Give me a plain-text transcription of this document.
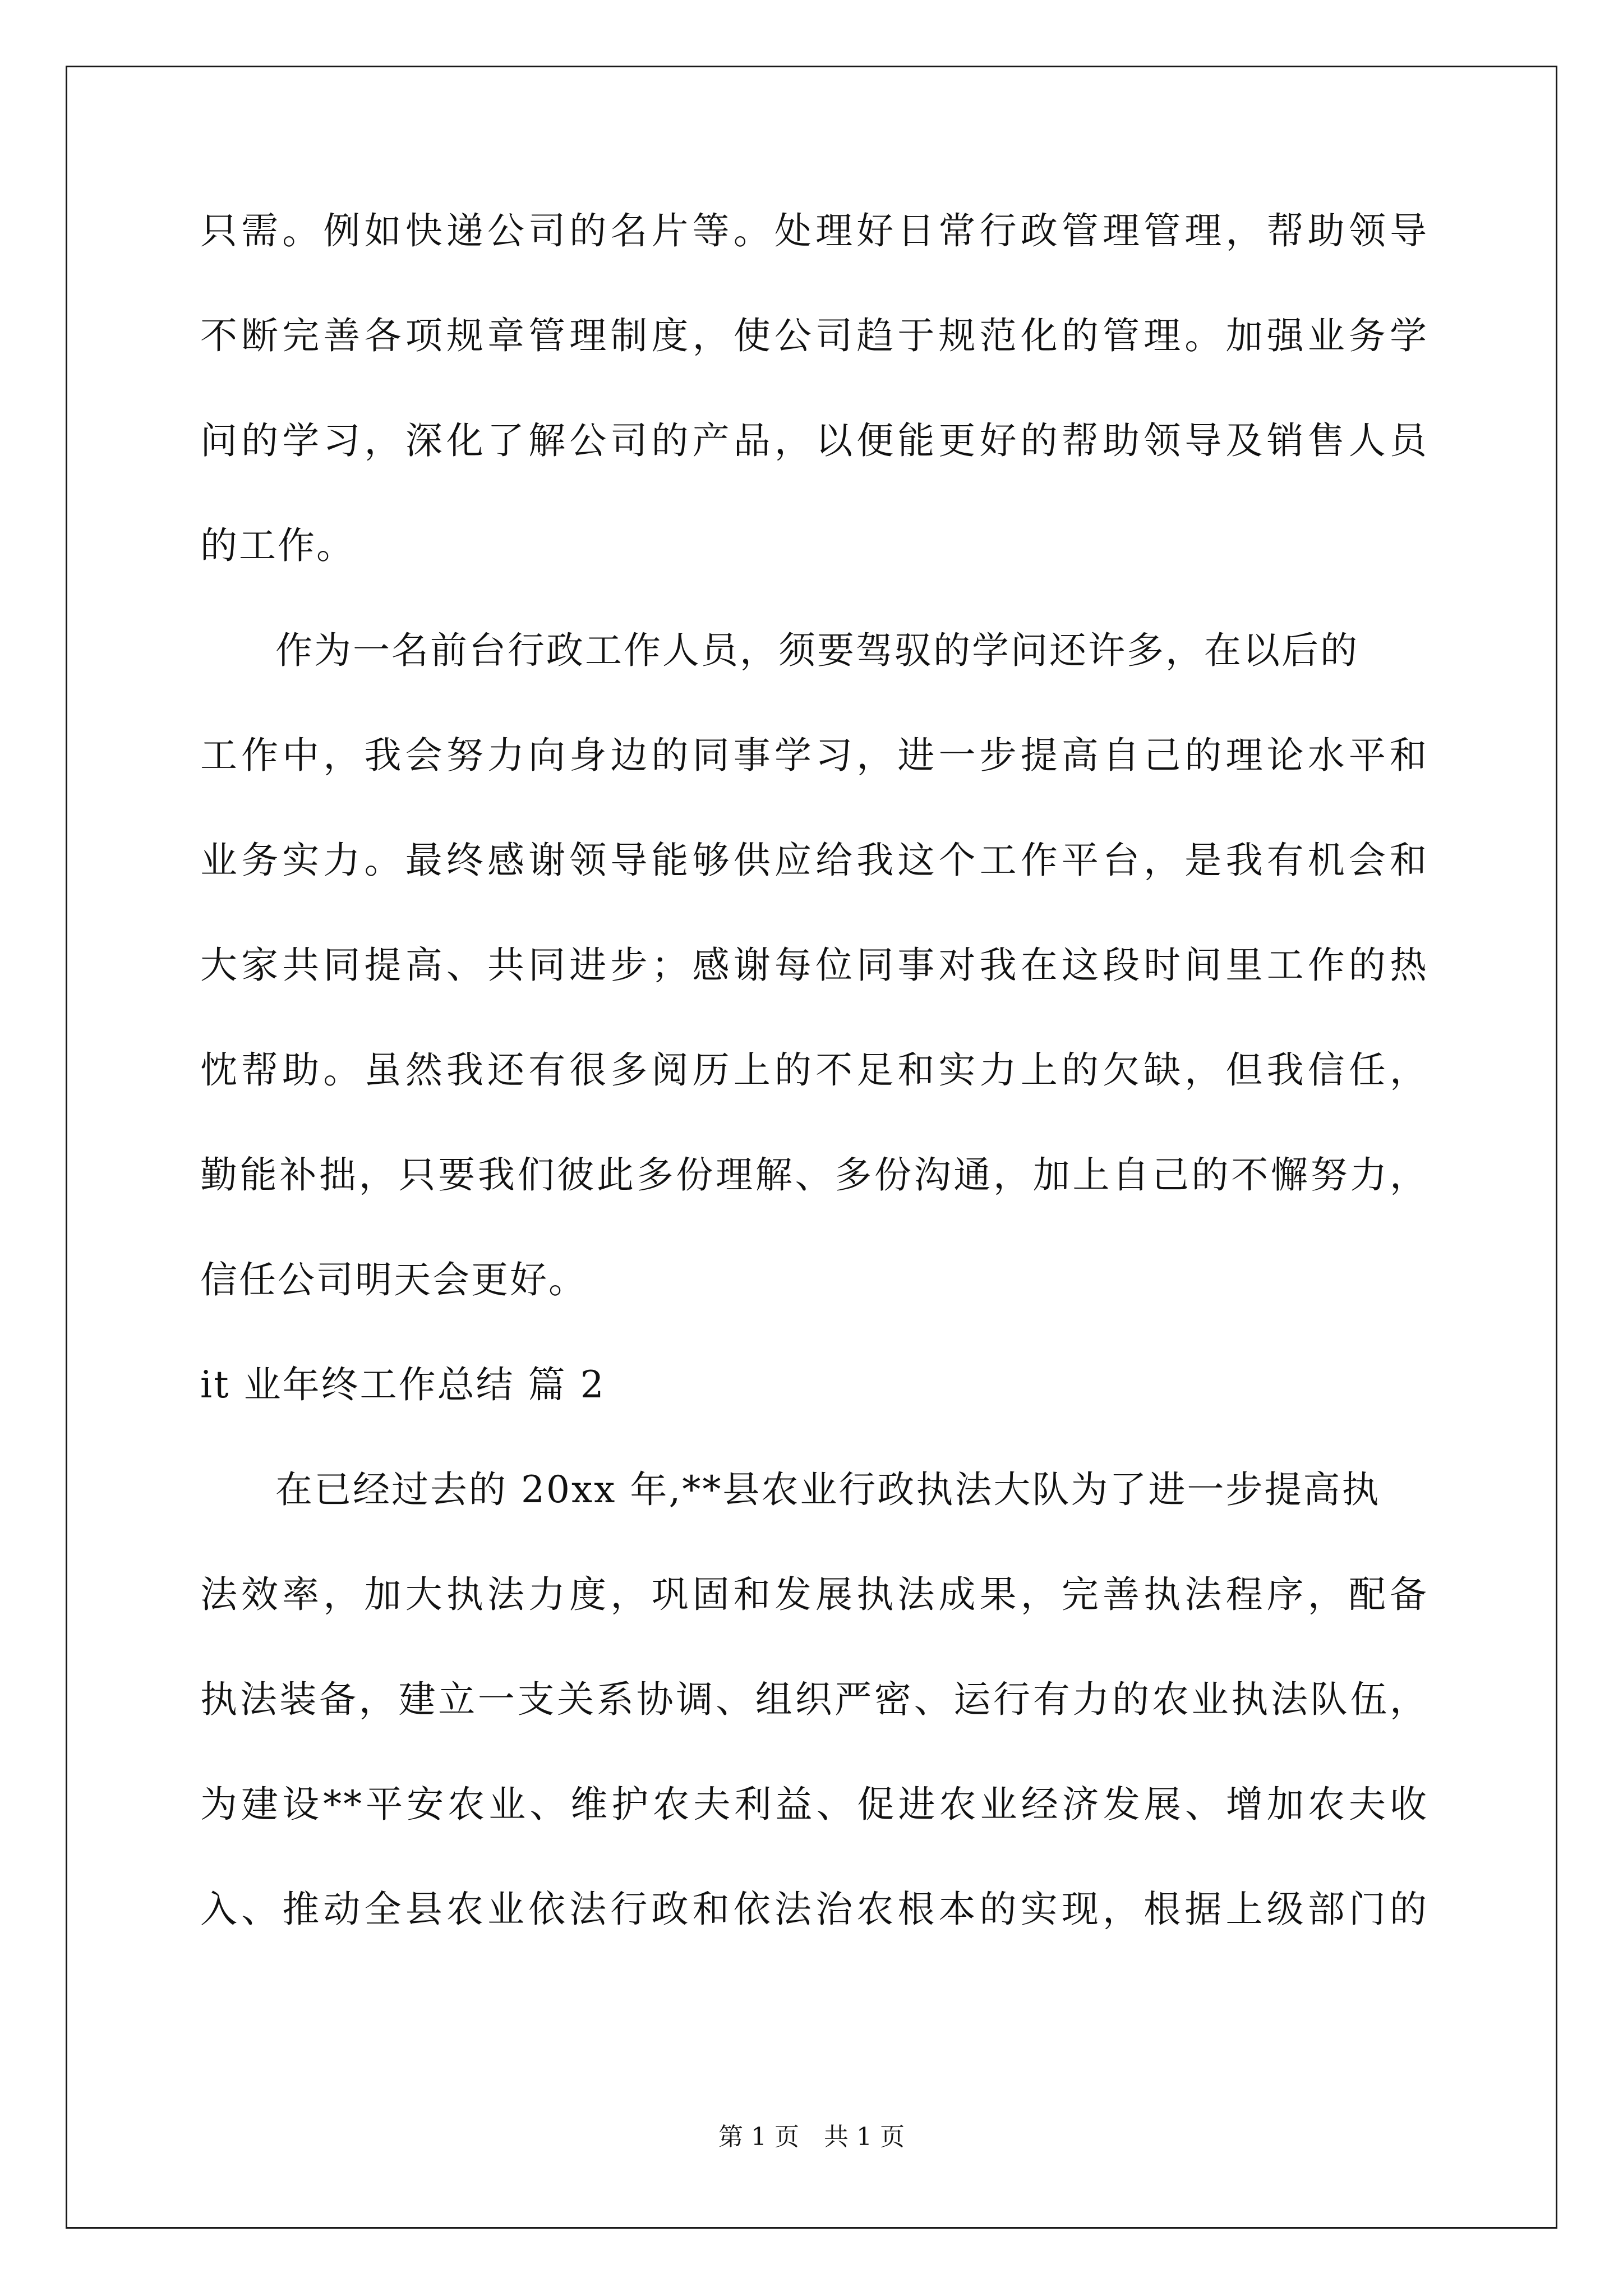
只需。例如快递公司的名片等。处理好日常行政管理管理，帮助领导
不断完善各项规章管理制度，使公司趋于规范化的管理。加强业务学
问的学习，深化了解公司的产品，以便能更好的帮助领导及销售人员
的工作。
作为一名前台行政工作人员，须要驾驭的学问还许多，在以后的
工作中，我会努力向身边的同事学习，进一步提高自己的理论水平和
业务实力。最终感谢领导能够供应给我这个工作平台，是我有机会和
大家共同提高、共同进步；感谢每位同事对我在这段时间里工作的热
忱帮助。虽然我还有很多阅历上的不足和实力上的欠缺，但我信任，
勤能补拙，只要我们彼此多份理解、多份沟通，加上自己的不懈努力，
信任公司明天会更好。
it 业年终工作总结 篇 2
在已经过去的 20xx 年,**县农业行政执法大队为了进一步提高执
法效率，加大执法力度，巩固和发展执法成果，完善执法程序，配备
执法装备，建立一支关系协调、组织严密、运行有力的农业执法队伍，
为建设**平安农业、维护农夫利益、促进农业经济发展、增加农夫收
入、推动全县农业依法行政和依法治农根本的实现，根据上级部门的
第 1 页　共 1 页
